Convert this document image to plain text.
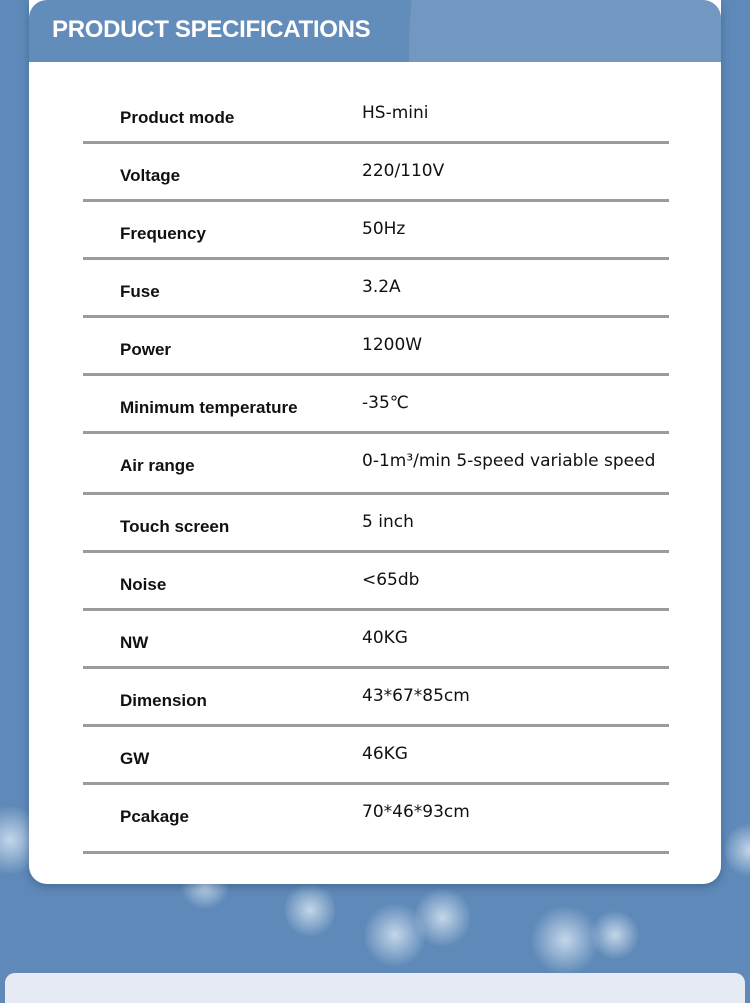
PRODUCT SPECIFICATIONS
Product mode	HS-mini
Voltage	220/110V
Frequency	50Hz
Fuse	3.2A
Power	1200W
Minimum temperature	-35℃
Air range	0-1m³/min 5-speed variable speed
Touch screen	5 inch
Noise	<65db
NW	40KG
Dimension	43*67*85cm
GW	46KG
Pcakage	70*46*93cm
